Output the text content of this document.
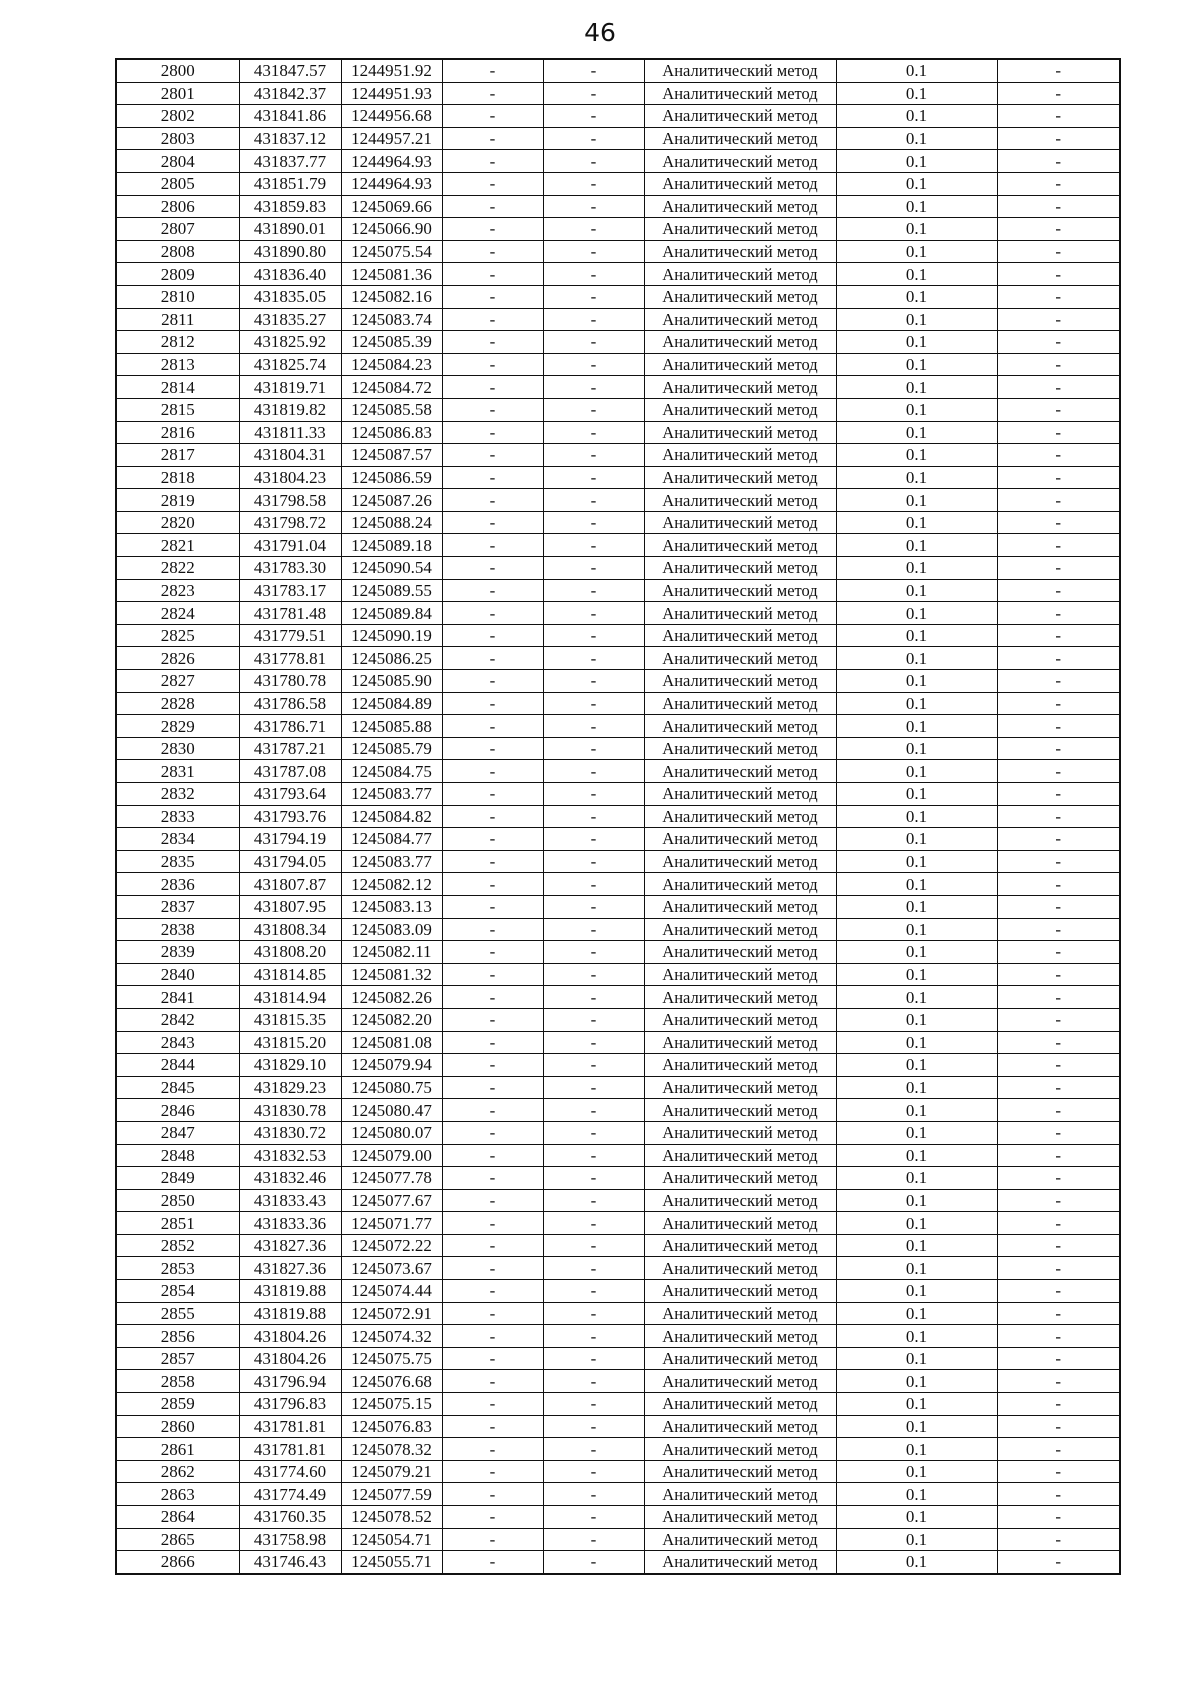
46
2800	431847.57	1244951.92	-	-	Аналитический метод	0.1	-
2801	431842.37	1244951.93	-	-	Аналитический метод	0.1	-
2802	431841.86	1244956.68	-	-	Аналитический метод	0.1	-
2803	431837.12	1244957.21	-	-	Аналитический метод	0.1	-
2804	431837.77	1244964.93	-	-	Аналитический метод	0.1	-
2805	431851.79	1244964.93	-	-	Аналитический метод	0.1	-
2806	431859.83	1245069.66	-	-	Аналитический метод	0.1	-
2807	431890.01	1245066.90	-	-	Аналитический метод	0.1	-
2808	431890.80	1245075.54	-	-	Аналитический метод	0.1	-
2809	431836.40	1245081.36	-	-	Аналитический метод	0.1	-
2810	431835.05	1245082.16	-	-	Аналитический метод	0.1	-
2811	431835.27	1245083.74	-	-	Аналитический метод	0.1	-
2812	431825.92	1245085.39	-	-	Аналитический метод	0.1	-
2813	431825.74	1245084.23	-	-	Аналитический метод	0.1	-
2814	431819.71	1245084.72	-	-	Аналитический метод	0.1	-
2815	431819.82	1245085.58	-	-	Аналитический метод	0.1	-
2816	431811.33	1245086.83	-	-	Аналитический метод	0.1	-
2817	431804.31	1245087.57	-	-	Аналитический метод	0.1	-
2818	431804.23	1245086.59	-	-	Аналитический метод	0.1	-
2819	431798.58	1245087.26	-	-	Аналитический метод	0.1	-
2820	431798.72	1245088.24	-	-	Аналитический метод	0.1	-
2821	431791.04	1245089.18	-	-	Аналитический метод	0.1	-
2822	431783.30	1245090.54	-	-	Аналитический метод	0.1	-
2823	431783.17	1245089.55	-	-	Аналитический метод	0.1	-
2824	431781.48	1245089.84	-	-	Аналитический метод	0.1	-
2825	431779.51	1245090.19	-	-	Аналитический метод	0.1	-
2826	431778.81	1245086.25	-	-	Аналитический метод	0.1	-
2827	431780.78	1245085.90	-	-	Аналитический метод	0.1	-
2828	431786.58	1245084.89	-	-	Аналитический метод	0.1	-
2829	431786.71	1245085.88	-	-	Аналитический метод	0.1	-
2830	431787.21	1245085.79	-	-	Аналитический метод	0.1	-
2831	431787.08	1245084.75	-	-	Аналитический метод	0.1	-
2832	431793.64	1245083.77	-	-	Аналитический метод	0.1	-
2833	431793.76	1245084.82	-	-	Аналитический метод	0.1	-
2834	431794.19	1245084.77	-	-	Аналитический метод	0.1	-
2835	431794.05	1245083.77	-	-	Аналитический метод	0.1	-
2836	431807.87	1245082.12	-	-	Аналитический метод	0.1	-
2837	431807.95	1245083.13	-	-	Аналитический метод	0.1	-
2838	431808.34	1245083.09	-	-	Аналитический метод	0.1	-
2839	431808.20	1245082.11	-	-	Аналитический метод	0.1	-
2840	431814.85	1245081.32	-	-	Аналитический метод	0.1	-
2841	431814.94	1245082.26	-	-	Аналитический метод	0.1	-
2842	431815.35	1245082.20	-	-	Аналитический метод	0.1	-
2843	431815.20	1245081.08	-	-	Аналитический метод	0.1	-
2844	431829.10	1245079.94	-	-	Аналитический метод	0.1	-
2845	431829.23	1245080.75	-	-	Аналитический метод	0.1	-
2846	431830.78	1245080.47	-	-	Аналитический метод	0.1	-
2847	431830.72	1245080.07	-	-	Аналитический метод	0.1	-
2848	431832.53	1245079.00	-	-	Аналитический метод	0.1	-
2849	431832.46	1245077.78	-	-	Аналитический метод	0.1	-
2850	431833.43	1245077.67	-	-	Аналитический метод	0.1	-
2851	431833.36	1245071.77	-	-	Аналитический метод	0.1	-
2852	431827.36	1245072.22	-	-	Аналитический метод	0.1	-
2853	431827.36	1245073.67	-	-	Аналитический метод	0.1	-
2854	431819.88	1245074.44	-	-	Аналитический метод	0.1	-
2855	431819.88	1245072.91	-	-	Аналитический метод	0.1	-
2856	431804.26	1245074.32	-	-	Аналитический метод	0.1	-
2857	431804.26	1245075.75	-	-	Аналитический метод	0.1	-
2858	431796.94	1245076.68	-	-	Аналитический метод	0.1	-
2859	431796.83	1245075.15	-	-	Аналитический метод	0.1	-
2860	431781.81	1245076.83	-	-	Аналитический метод	0.1	-
2861	431781.81	1245078.32	-	-	Аналитический метод	0.1	-
2862	431774.60	1245079.21	-	-	Аналитический метод	0.1	-
2863	431774.49	1245077.59	-	-	Аналитический метод	0.1	-
2864	431760.35	1245078.52	-	-	Аналитический метод	0.1	-
2865	431758.98	1245054.71	-	-	Аналитический метод	0.1	-
2866	431746.43	1245055.71	-	-	Аналитический метод	0.1	-
